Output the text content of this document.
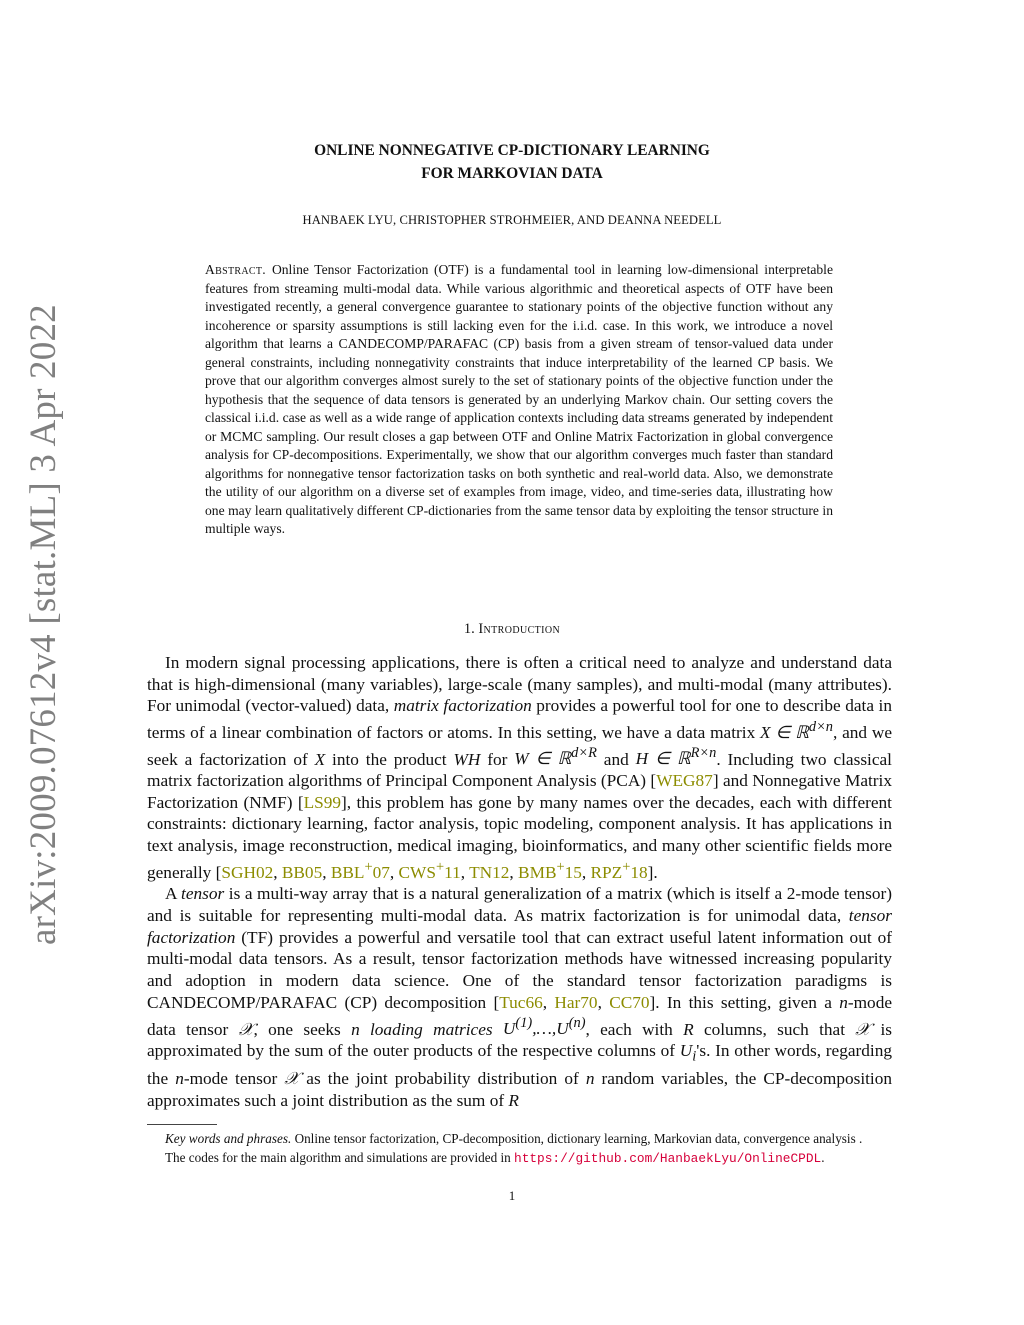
arXiv:2009.07612v4 [stat.ML] 3 Apr 2022
ONLINE NONNEGATIVE CP-DICTIONARY LEARNING
FOR MARKOVIAN DATA
HANBAEK LYU, CHRISTOPHER STROHMEIER, AND DEANNA NEEDELL
Abstract. Online Tensor Factorization (OTF) is a fundamental tool in learning low-dimensional interpretable features from streaming multi-modal data. While various algorithmic and theoretical aspects of OTF have been investigated recently, a general convergence guarantee to stationary points of the objective function without any incoherence or sparsity assumptions is still lacking even for the i.i.d. case. In this work, we introduce a novel algorithm that learns a CANDECOMP/PARAFAC (CP) basis from a given stream of tensor-valued data under general constraints, including nonnegativity constraints that induce interpretability of the learned CP basis. We prove that our algorithm converges almost surely to the set of stationary points of the objective function under the hypothesis that the sequence of data tensors is generated by an underlying Markov chain. Our setting covers the classical i.i.d. case as well as a wide range of application contexts including data streams generated by independent or MCMC sampling. Our result closes a gap between OTF and Online Matrix Factorization in global convergence analysis for CP-decompositions. Experimentally, we show that our algorithm converges much faster than standard algorithms for nonnegative tensor factorization tasks on both synthetic and real-world data. Also, we demonstrate the utility of our algorithm on a diverse set of examples from image, video, and time-series data, illustrating how one may learn qualitatively different CP-dictionaries from the same tensor data by exploiting the tensor structure in multiple ways.
1. Introduction

In modern signal processing applications, there is often a critical need to analyze and understand data that is high-dimensional (many variables), large-scale (many samples), and multi-modal (many attributes). For unimodal (vector-valued) data, matrix factorization provides a powerful tool for one to describe data in terms of a linear combination of factors or atoms. In this setting, we have a data matrix X ∈ ℝ$^{d\times n}$, and we seek a factorization of X into the product WH for W ∈ ℝ$^{d\times R}$ and H ∈ ℝ$^{R\times n}$. Including two classical matrix factorization algorithms of Principal Component Analysis (PCA) [WEG87] and Nonnegative Matrix Factorization (NMF) [LS99], this problem has gone by many names over the decades, each with different constraints: dictionary learning, factor analysis, topic modeling, component analysis. It has applications in text analysis, image reconstruction, medical imaging, bioinformatics, and many other scientific fields more generally [SGH02, BB05, BBL+07, CWS+11, TN12, BMB+15, RPZ+18].

A tensor is a multi-way array that is a natural generalization of a matrix (which is itself a 2-mode tensor) and is suitable for representing multi-modal data. As matrix factorization is for unimodal data, tensor factorization (TF) provides a powerful and versatile tool that can extract useful latent information out of multi-modal data tensors. As a result, tensor factorization methods have witnessed increasing popularity and adoption in modern data science. One of the standard tensor factorization paradigms is CANDECOMP/PARAFAC (CP) decomposition [Tuc66, Har70, CC70]. In this setting, given a n-mode data tensor 𝒳, one seeks n loading matrices $U^{(1)},\dots,U^{(n)}$, each with R columns, such that 𝒳 is approximated by the sum of the outer products of the respective columns of $U_i's$. In other words, regarding the n-mode tensor 𝒳 as the joint probability distribution of n random variables, the CP-decomposition approximates such a joint distribution as the sum of R

Key words and phrases. Online tensor factorization, CP-decomposition, dictionary learning, Markovian data, convergence analysis .

The codes for the main algorithm and simulations are provided in https://github.com/HanbaekLyu/OnlineCPDL.

1
